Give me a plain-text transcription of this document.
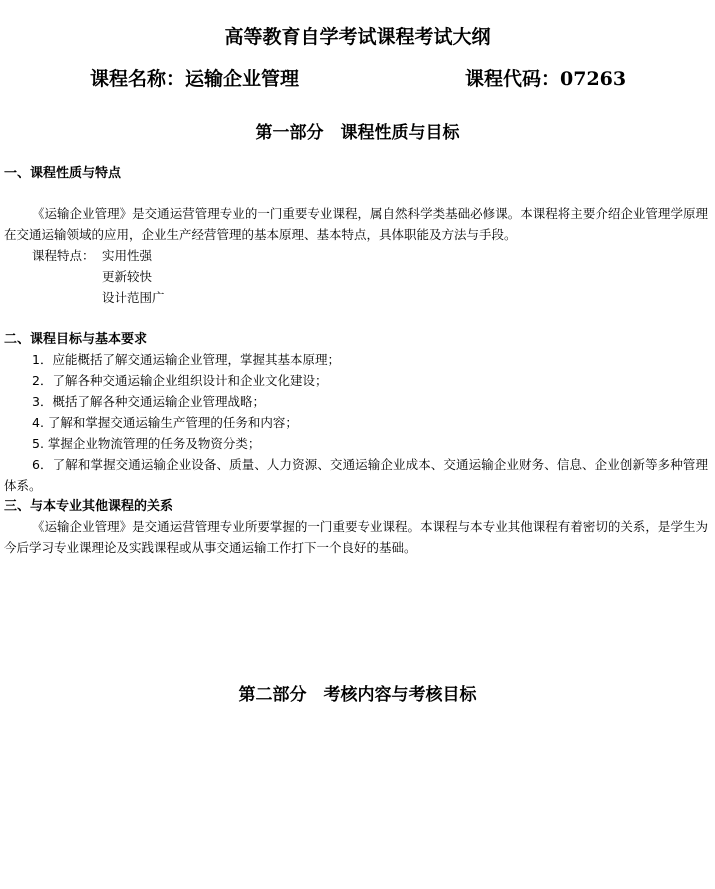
高等教育自学考试课程考试大纲
课程名称：运输企业管理	课程代码：07263
第一部分　课程性质与目标
一、课程性质与特点
《运输企业管理》是交通运营管理专业的一门重要专业课程，属自然科学类基础必修课。本课程将主要介绍企业管理学原理在交通运输领域的应用，企业生产经营管理的基本原理、基本特点，具体职能及方法与手段。
课程特点： 实用性强
更新较快
设计范围广
二、课程目标与基本要求
1．应能概括了解交通运输企业管理，掌握其基本原理；
2．了解各种交通运输企业组织设计和企业文化建设；
3．概括了解各种交通运输企业管理战略；
4. 了解和掌握交通运输生产管理的任务和内容；
5. 掌握企业物流管理的任务及物资分类；
6．了解和掌握交通运输企业设备、质量、人力资源、交通运输企业成本、交通运输企业财务、信息、企业创新等多种管理体系。
三、与本专业其他课程的关系
《运输企业管理》是交通运营管理专业所要掌握的一门重要专业课程。本课程与本专业其他课程有着密切的关系，是学生为今后学习专业课理论及实践课程或从事交通运输工作打下一个良好的基础。
第二部分　考核内容与考核目标
